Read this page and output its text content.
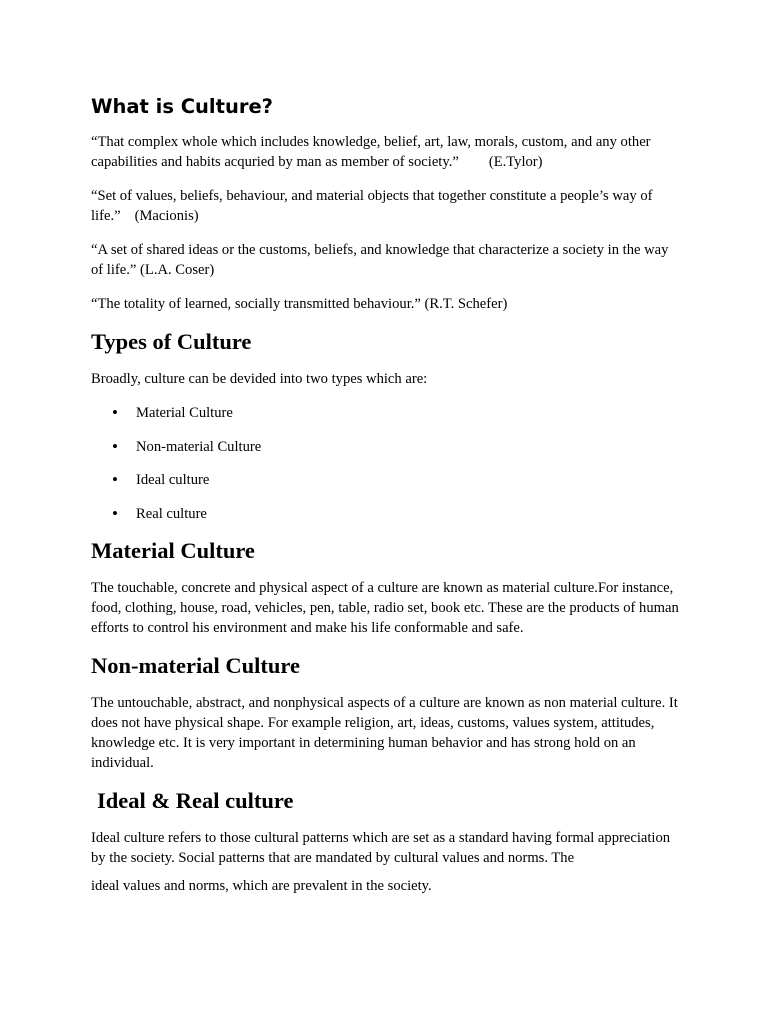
What is Culture?

“That complex whole which includes knowledge, belief, art, law, morals, custom, and any other capabilities and habits acquried by man as member of society.” (E.Tylor)

“Set of values, beliefs, behaviour, and material objects that together constitute a people’s way of life.” (Macionis)

“A set of shared ideas or the customs, beliefs, and knowledge that characterize a society in the way of life.” (L.A. Coser)

“The totality of learned, socially transmitted behaviour.” (R.T. Schefer)

Types of Culture

Broadly, culture can be devided into two types which are:

• Material Culture
• Non-material Culture
• Ideal culture
• Real culture
Material Culture

The touchable, concrete and physical aspect of a culture are known as material culture.For instance, food, clothing, house, road, vehicles, pen, table, radio set, book etc. These are the products of human efforts to control his environment and make his life conformable and safe.

Non-material Culture

The untouchable, abstract, and nonphysical aspects of a culture are known as non material culture. It does not have physical shape. For example religion, art, ideas, customs, values system, attitudes, knowledge etc. It is very important in determining human behavior and has strong hold on an individual.

Ideal & Real culture

Ideal culture refers to those cultural patterns which are set as a standard having formal appreciation by the society. Social patterns that are mandated by cultural values and norms. The

ideal values and norms, which are prevalent in the society.
